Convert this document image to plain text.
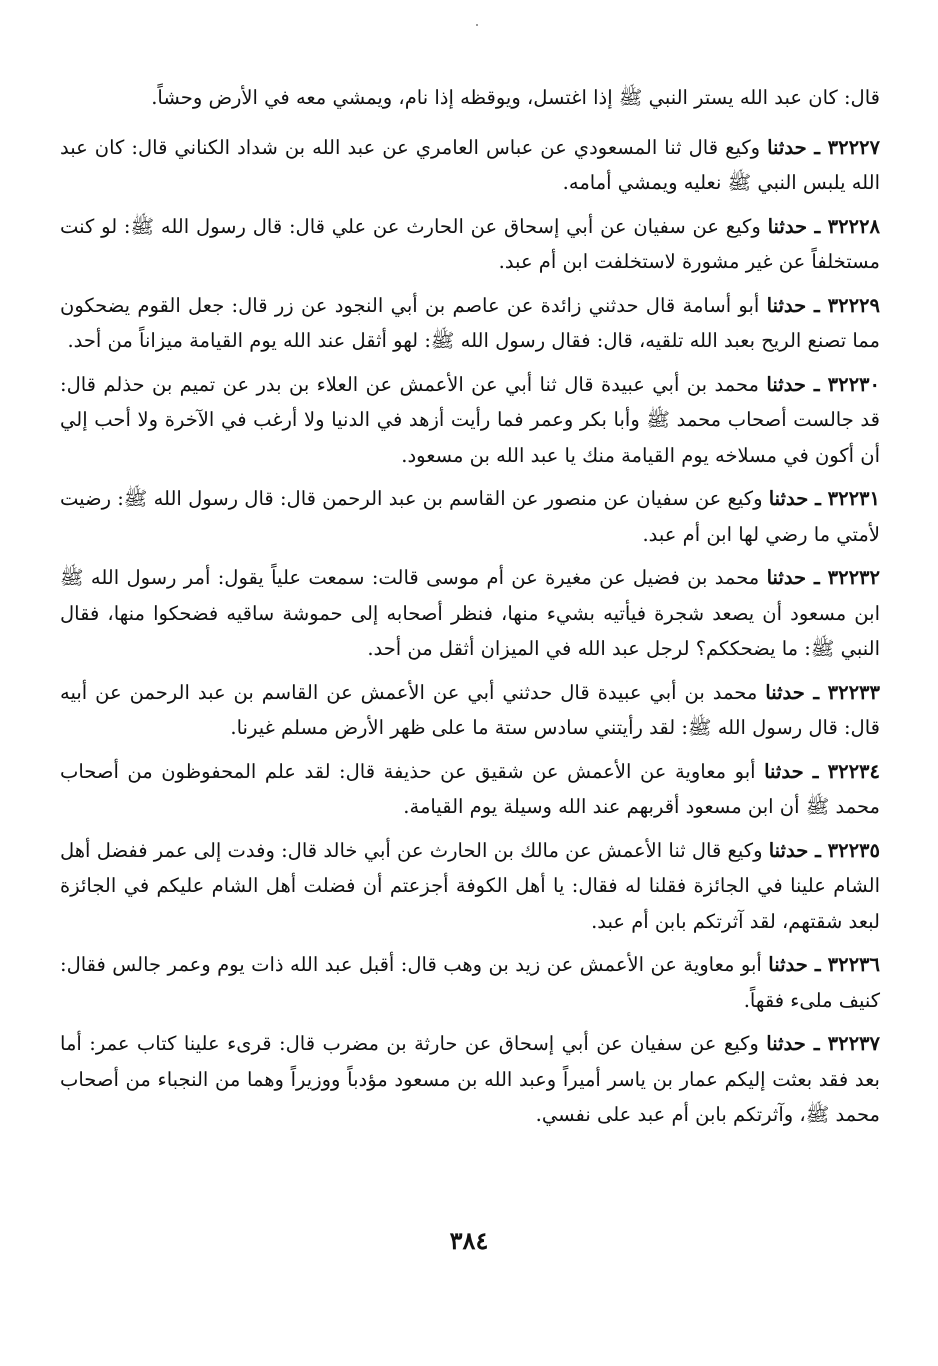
قال: كان عبد الله يستر النبي ﷺ إذا اغتسل، ويوقظه إذا نام، ويمشي معه في الأرض وحشاً.

٣٢٢٢٧ ـ حدثنا وكيع قال ثنا المسعودي عن عباس العامري عن عبد الله بن شداد الكناني قال: كان عبد الله يلبس النبي ﷺ نعليه ويمشي أمامه.

٣٢٢٢٨ ـ حدثنا وكيع عن سفيان عن أبي إسحاق عن الحارث عن علي قال: قال رسول الله ﷺ: لو كنت مستخلفاً عن غير مشورة لاستخلفت ابن أم عبد.

٣٢٢٢٩ ـ حدثنا أبو أسامة قال حدثني زائدة عن عاصم بن أبي النجود عن زر قال: جعل القوم يضحكون مما تصنع الريح بعبد الله تلقيه، قال: فقال رسول الله ﷺ: لهو أثقل عند الله يوم القيامة ميزاناً من أحد.

٣٢٢٣٠ ـ حدثنا محمد بن أبي عبيدة قال ثنا أبي عن الأعمش عن العلاء بن بدر عن تميم بن حذلم قال: قد جالست أصحاب محمد ﷺ وأبا بكر وعمر فما رأيت أزهد في الدنيا ولا أرغب في الآخرة ولا أحب إلي أن أكون في مسلاخه يوم القيامة منك يا عبد الله بن مسعود.

٣٢٢٣١ ـ حدثنا وكيع عن سفيان عن منصور عن القاسم بن عبد الرحمن قال: قال رسول الله ﷺ: رضيت لأمتي ما رضي لها ابن أم عبد.

٣٢٢٣٢ ـ حدثنا محمد بن فضيل عن مغيرة عن أم موسى قالت: سمعت علياً يقول: أمر رسول الله ﷺ ابن مسعود أن يصعد شجرة فيأتيه بشيء منها، فنظر أصحابه إلى حموشة ساقيه فضحكوا منها، فقال النبي ﷺ: ما يضحككم؟ لرجل عبد الله في الميزان أثقل من أحد.

٣٢٢٣٣ ـ حدثنا محمد بن أبي عبيدة قال حدثني أبي عن الأعمش عن القاسم بن عبد الرحمن عن أبيه قال: قال رسول الله ﷺ: لقد رأيتني سادس ستة ما على ظهر الأرض مسلم غيرنا.

٣٢٢٣٤ ـ حدثنا أبو معاوية عن الأعمش عن شقيق عن حذيفة قال: لقد علم المحفوظون من أصحاب محمد ﷺ أن ابن مسعود أقربهم عند الله وسيلة يوم القيامة.

٣٢٢٣٥ ـ حدثنا وكيع قال ثنا الأعمش عن مالك بن الحارث عن أبي خالد قال: وفدت إلى عمر ففضل أهل الشام علينا في الجائزة فقلنا له فقال: يا أهل الكوفة أجزعتم أن فضلت أهل الشام عليكم في الجائزة لبعد شقتهم، لقد آثرتكم بابن أم عبد.

٣٢٢٣٦ ـ حدثنا أبو معاوية عن الأعمش عن زيد بن وهب قال: أقبل عبد الله ذات يوم وعمر جالس فقال: كنيف ملىء فقهاً.

٣٢٢٣٧ ـ حدثنا وكيع عن سفيان عن أبي إسحاق عن حارثة بن مضرب قال: قرىء علينا كتاب عمر: أما بعد فقد بعثت إليكم عمار بن ياسر أميراً وعبد الله بن مسعود مؤدباً ووزيراً وهما من النجباء من أصحاب محمد ﷺ، وآثرتكم بابن أم عبد على نفسي.

٣٨٤
